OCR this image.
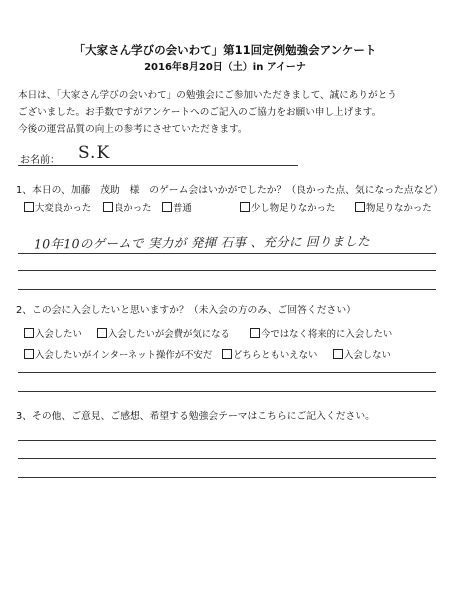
「大家さん学びの会いわて」第11回定例勉強会アンケート
2016年8月20日（土）in アイーナ
本日は、「大家さん学びの会いわて」の勉強会にご参加いただきまして、誠にありがとう
ございました。お手数ですがアンケートへのご記入のご協力をお願い申し上げます。
今後の運営品質の向上の参考にさせていただきます。
お名前： S.K
1、本日の、加藤　茂助　様　のゲーム会はいかがでしたか？（良かった点、気になった点など）
大変良かった	良かった	普通	少し物足りなかった	物足りなかった
10年10のゲームで 実力が 発揮 石事 、充分に 回りました
2、この会に入会したいと思いますか？（未入会の方のみ、ご回答ください）
入会したい	入会したいが会費が気になる	今ではなく将来的に入会したい
入会したいがインターネット操作が不安だ	どちらともいえない	入会しない
3、その他、ご意見、ご感想、希望する勉強会テーマはこちらにご記入ください。
